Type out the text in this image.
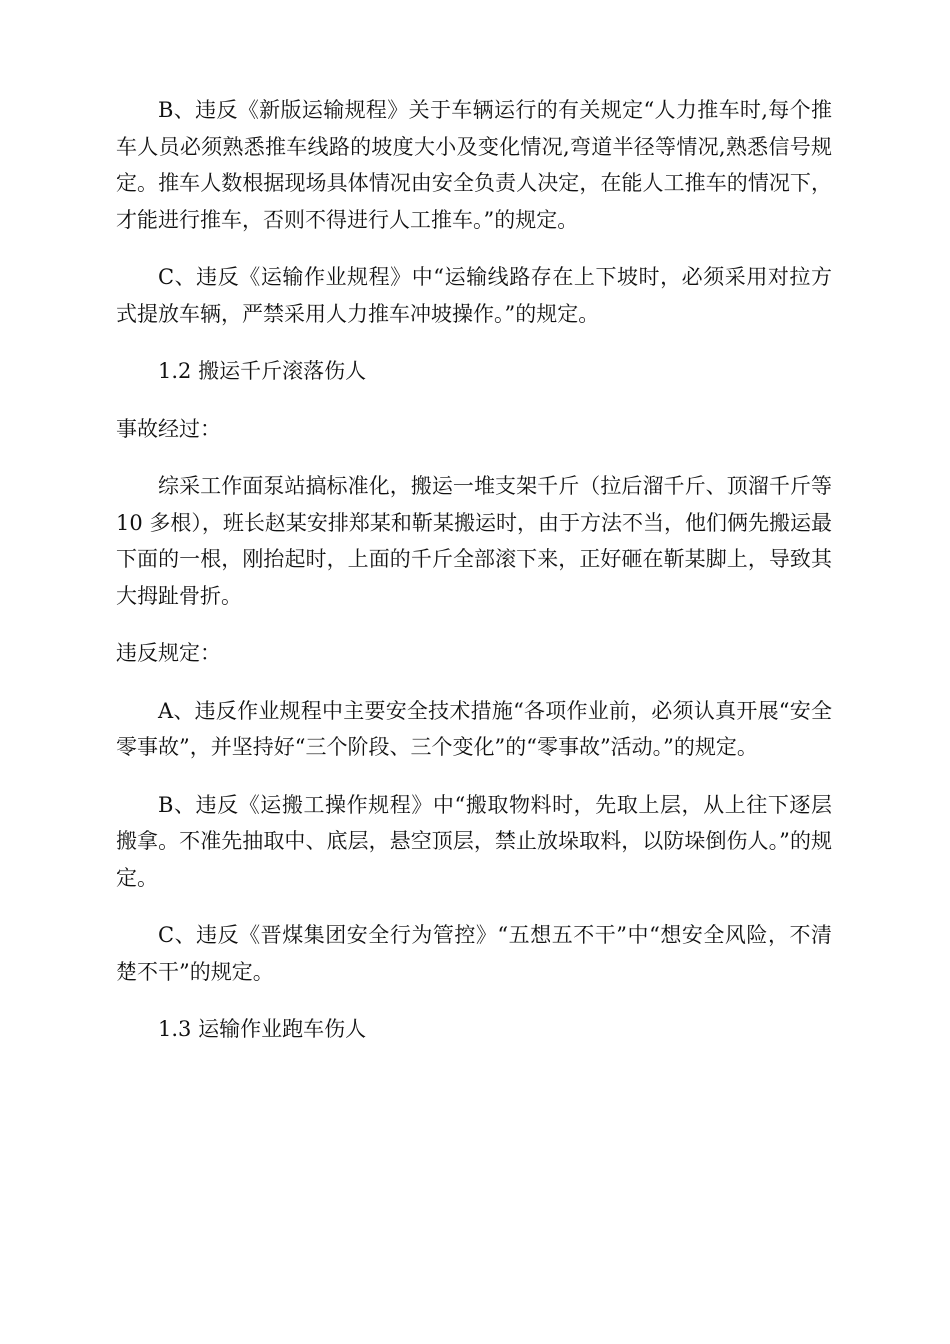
B、违反《新版运输规程》关于车辆运行的有关规定“人力推车时,每个推车人员必须熟悉推车线路的坡度大小及变化情况,弯道半径等情况,熟悉信号规定。推车人数根据现场具体情况由安全负责人决定，在能人工推车的情况下，才能进行推车，否则不得进行人工推车。”的规定。

C、违反《运输作业规程》中“运输线路存在上下坡时，必须采用对拉方式提放车辆，严禁采用人力推车冲坡操作。”的规定。

1.2 搬运千斤滚落伤人

事故经过：

综采工作面泵站搞标准化，搬运一堆支架千斤（拉后溜千斤、顶溜千斤等 10 多根），班长赵某安排郑某和靳某搬运时，由于方法不当，他们俩先搬运最下面的一根，刚抬起时，上面的千斤全部滚下来，正好砸在靳某脚上，导致其大拇趾骨折。

违反规定：

A、违反作业规程中主要安全技术措施“各项作业前，必须认真开展“安全零事故”，并坚持好“三个阶段、三个变化”的“零事故”活动。”的规定。

B、违反《运搬工操作规程》中“搬取物料时，先取上层，从上往下逐层搬拿。不准先抽取中、底层，悬空顶层，禁止放垛取料，以防垛倒伤人。”的规定。

C、违反《晋煤集团安全行为管控》“五想五不干”中“想安全风险，不清楚不干”的规定。

1.3 运输作业跑车伤人
